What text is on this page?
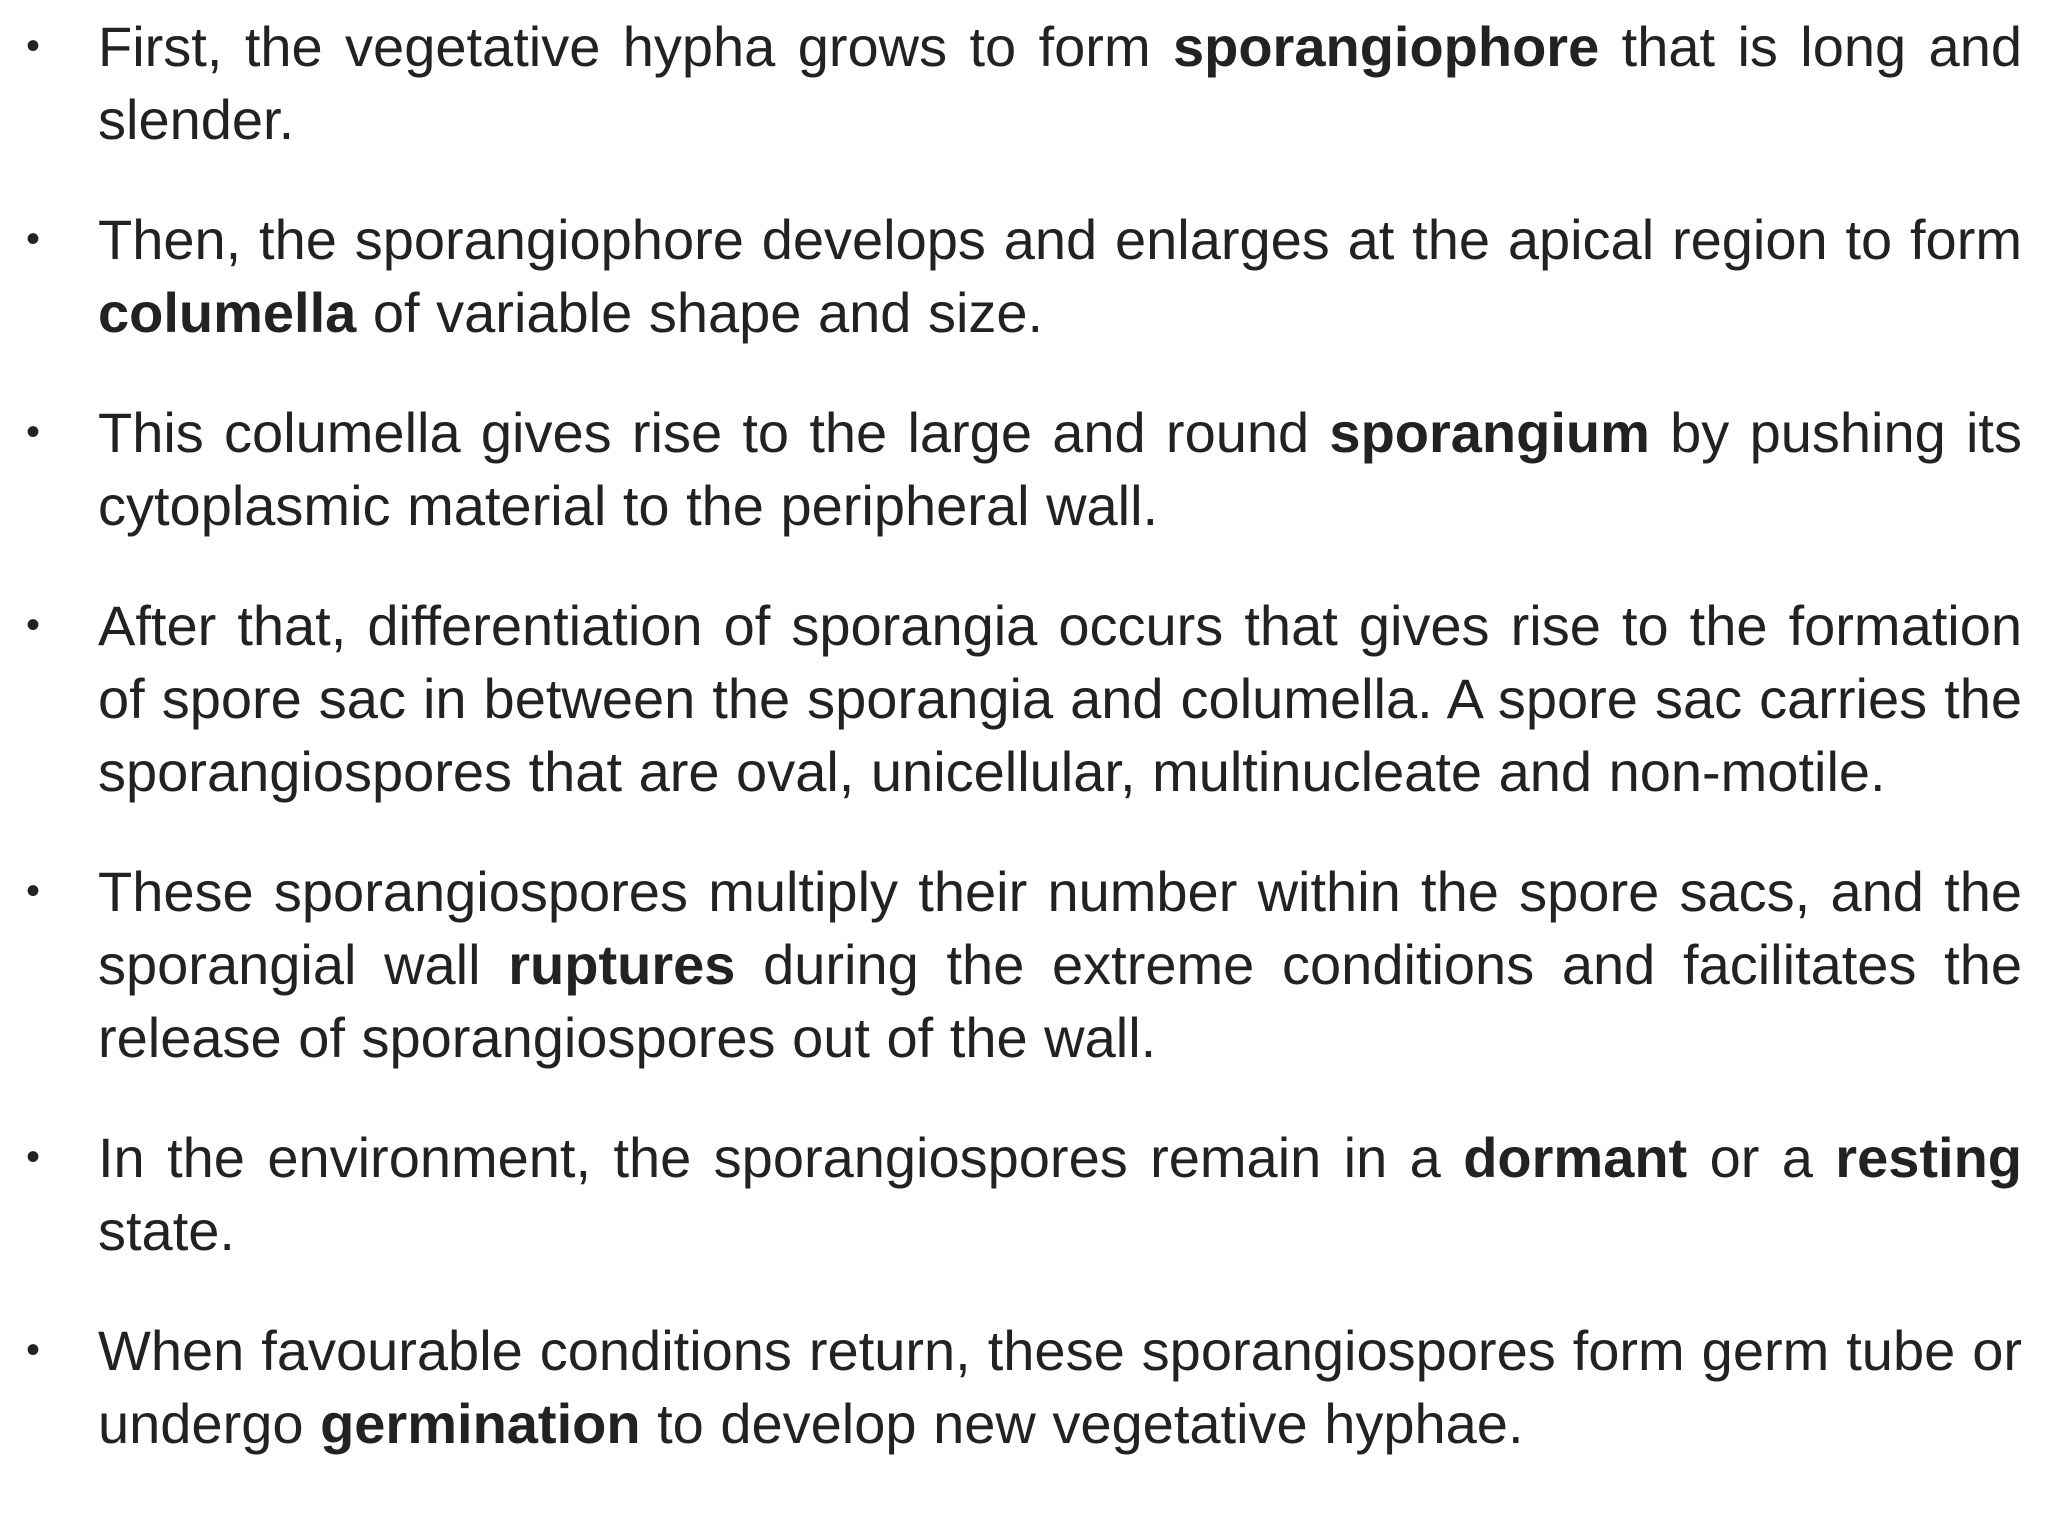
• First, the vegetative hypha grows to form sporangiophore that is long and slender.
• Then, the sporangiophore develops and enlarges at the apical region to form columella of variable shape and size.
• This columella gives rise to the large and round sporangium by pushing its cytoplasmic material to the peripheral wall.
• After that, differentiation of sporangia occurs that gives rise to the formation of spore sac in between the sporangia and columella. A spore sac carries the sporangiospores that are oval, unicellular, multinucleate and non-motile.
• These sporangiospores multiply their number within the spore sacs, and the sporangial wall ruptures during the extreme conditions and facilitates the release of sporangiospores out of the wall.
• In the environment, the sporangiospores remain in a dormant or a resting state.
• When favourable conditions return, these sporangiospores form germ tube or undergo germination to develop new vegetative hyphae.
